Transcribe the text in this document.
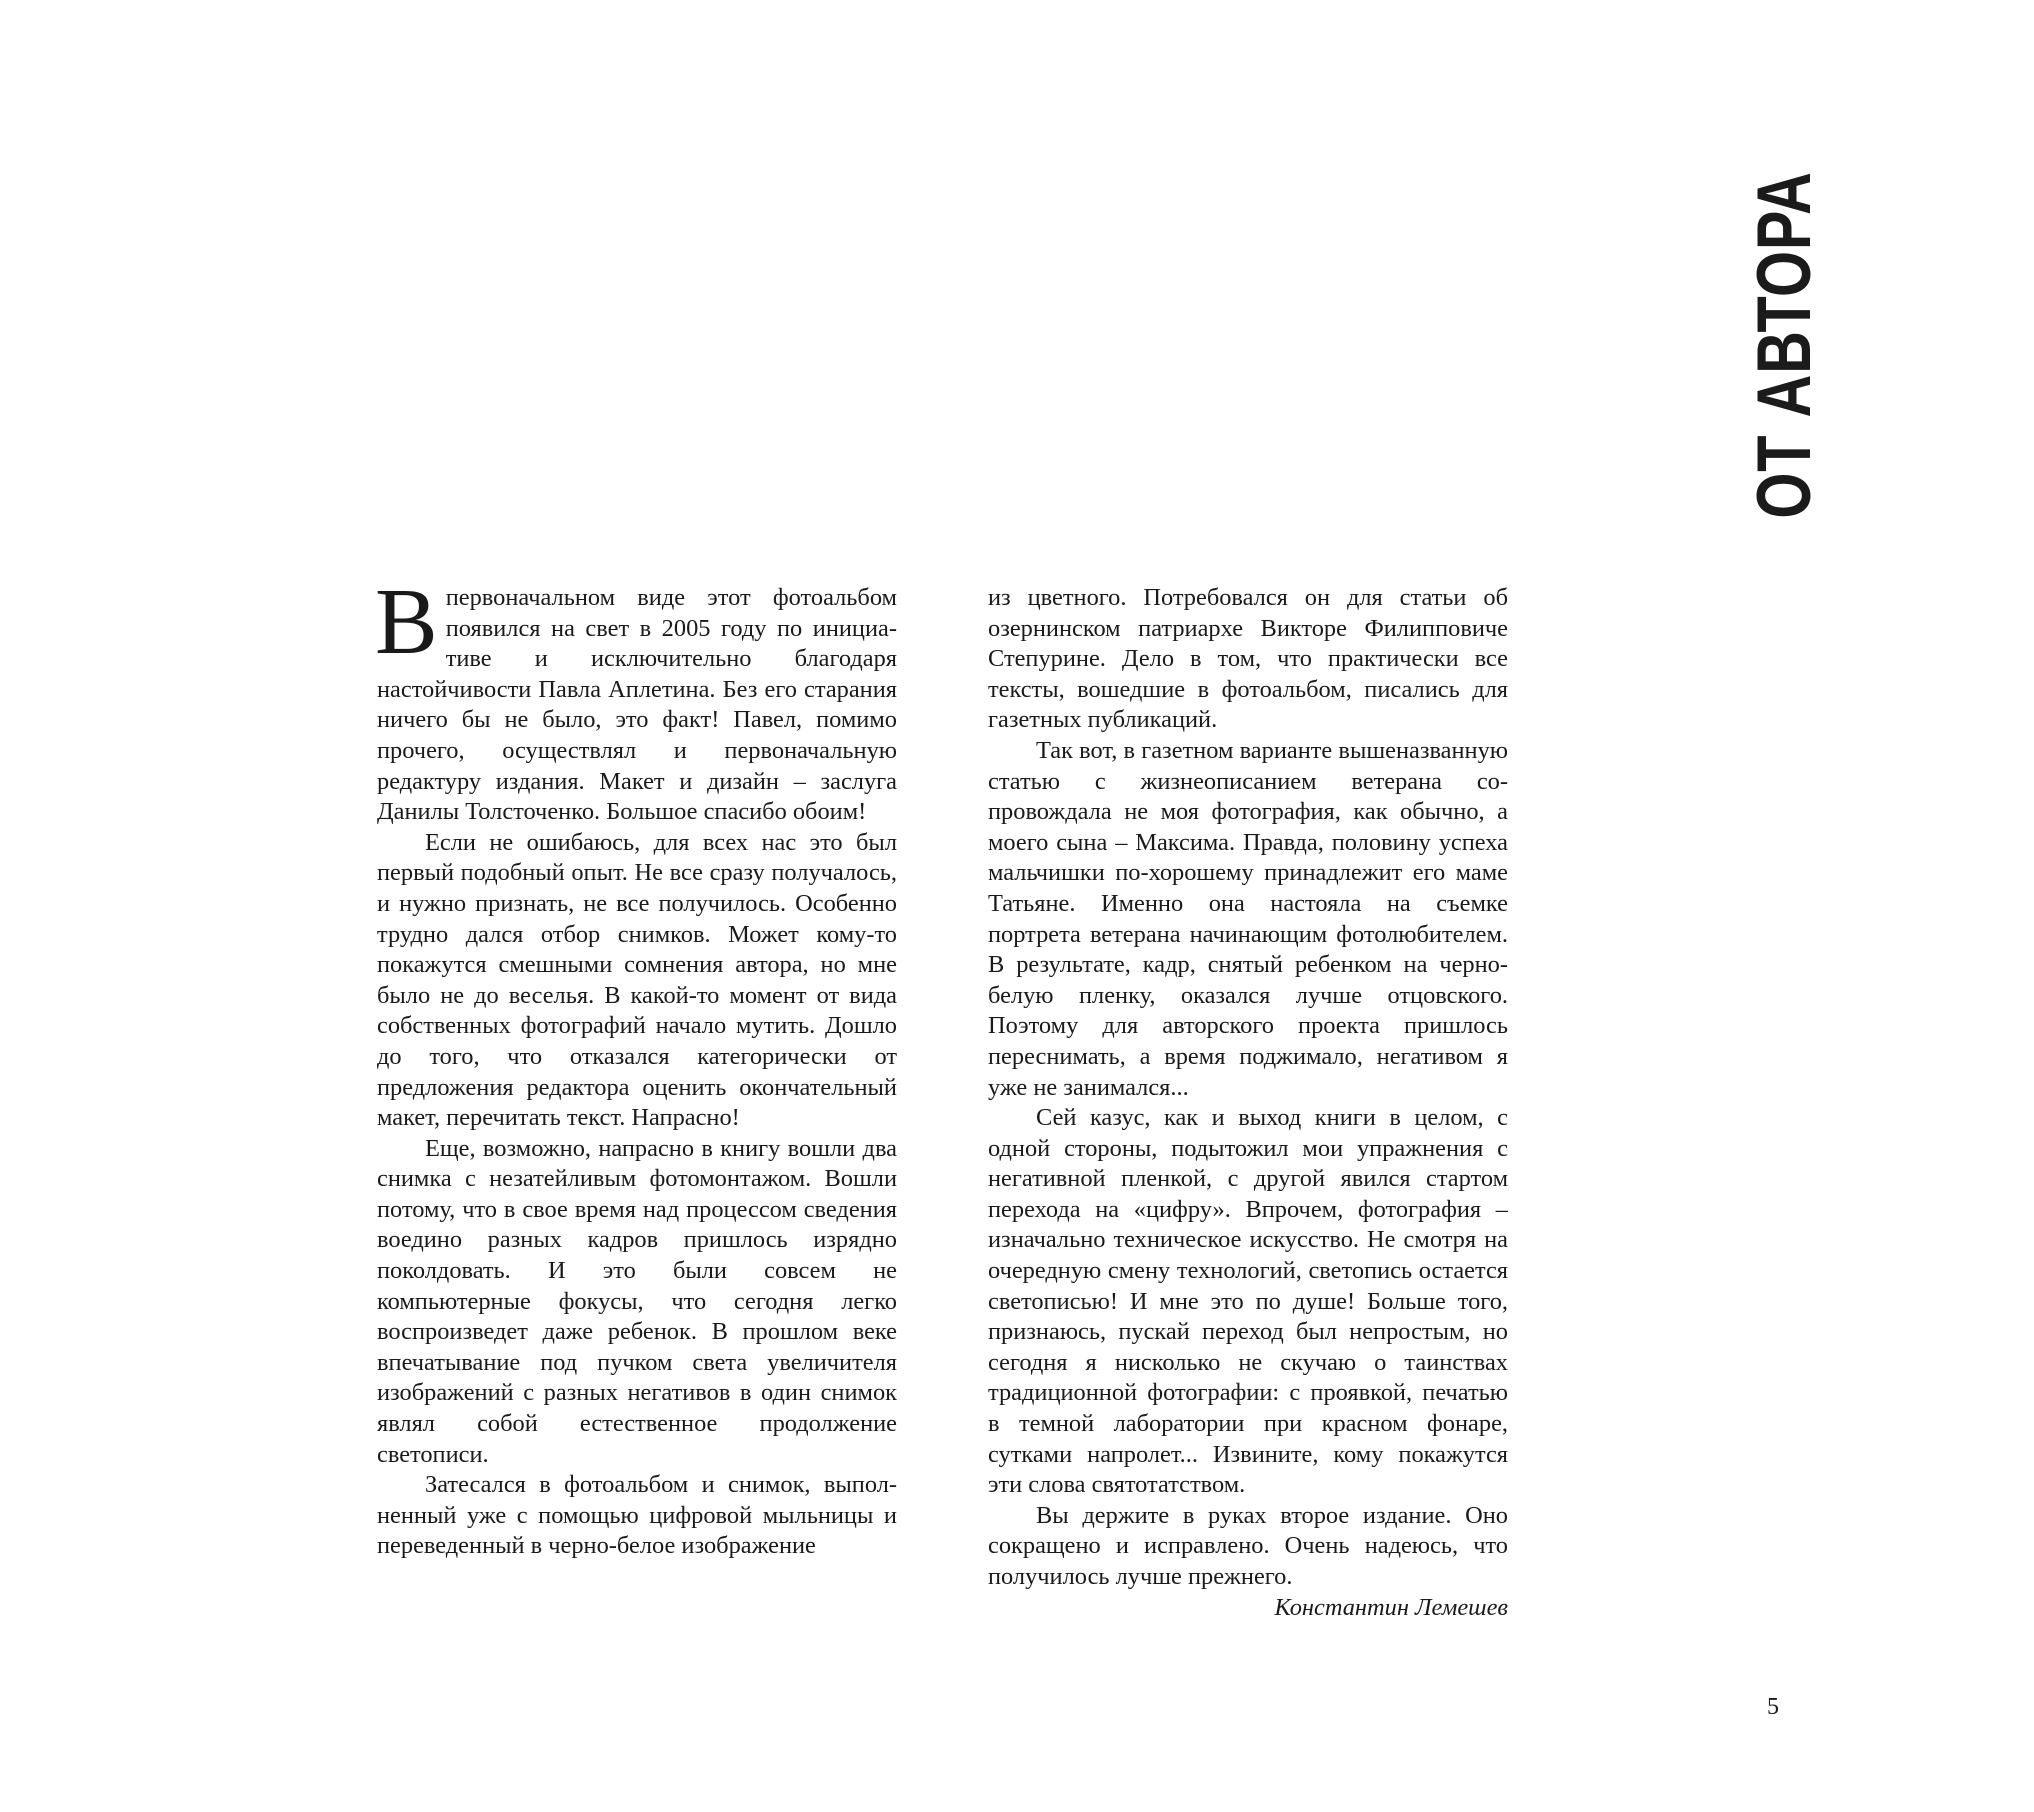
ОТ АВТОРА

В первоначальном виде этот фотоальбом появился на свет в 2005 году по инициативе и исключительно благодаря настойчивости Павла Аплетина. Без его старания ничего бы не было, это факт! Павел, помимо прочего, осуществлял и первоначальную редактуру издания. Макет и дизайн – заслуга Данилы Толсточенко. Большое спасибо обоим!

Если не ошибаюсь, для всех нас это был первый подобный опыт. Не все сразу получалось, и нужно признать, не все получилось. Особенно трудно дался отбор снимков. Может кому-то покажутся смешными сомнения автора, но мне было не до веселья. В какой-то момент от вида собственных фотографий начало мутить. Дошло до того, что отказался категорически от предложения редактора оценить окончательный макет, перечитать текст. Напрасно!

Еще, возможно, напрасно в книгу вошли два снимка с незатейливым фотомонтажом. Вошли потому, что в свое время над процессом сведения воедино разных кадров пришлось изрядно поколдовать. И это были совсем не компьютерные фокусы, что сегодня легко воспроизведет даже ребенок. В прошлом веке впечатывание под пучком света увеличителя изображений с разных негативов в один снимок являл собой естественное продолжение светописи.

Затесался в фотоальбом и снимок, выполненный уже с помощью цифровой мыльницы и переведенный в черно-белое изображение

из цветного. Потребовался он для статьи об озернинском патриархе Викторе Филипповиче Степурине. Дело в том, что практически все тексты, вошедшие в фотоальбом, писались для газетных публикаций.

Так вот, в газетном варианте вышеназванную статью с жизнеописанием ветерана сопровождала не моя фотография, как обычно, а моего сына – Максима. Правда, половину успеха мальчишки по-хорошему принадлежит его маме Татьяне. Именно она настояла на съемке портрета ветерана начинающим фотолюбителем. В результате, кадр, снятый ребенком на черно-белую пленку, оказался лучше отцовского. Поэтому для авторского проекта пришлось переснимать, а время поджимало, негативом я уже не занимался...

Сей казус, как и выход книги в целом, с одной стороны, подытожил мои упражнения с негативной пленкой, с другой явился стартом перехода на «цифру». Впрочем, фотография – изначально техническое искусство. Не смотря на очередную смену технологий, светопись остается светописью! И мне это по душе! Больше того, признаюсь, пускай переход был непростым, но сегодня я нисколько не скучаю о таинствах традиционной фотографии: с проявкой, печатью в темной лаборатории при красном фонаре, сутками напролет... Извините, кому покажутся эти слова святотатством.

Вы держите в руках второе издание. Оно сокращено и исправлено. Очень надеюсь, что получилось лучше прежнего.

Константин Лемешев

5
